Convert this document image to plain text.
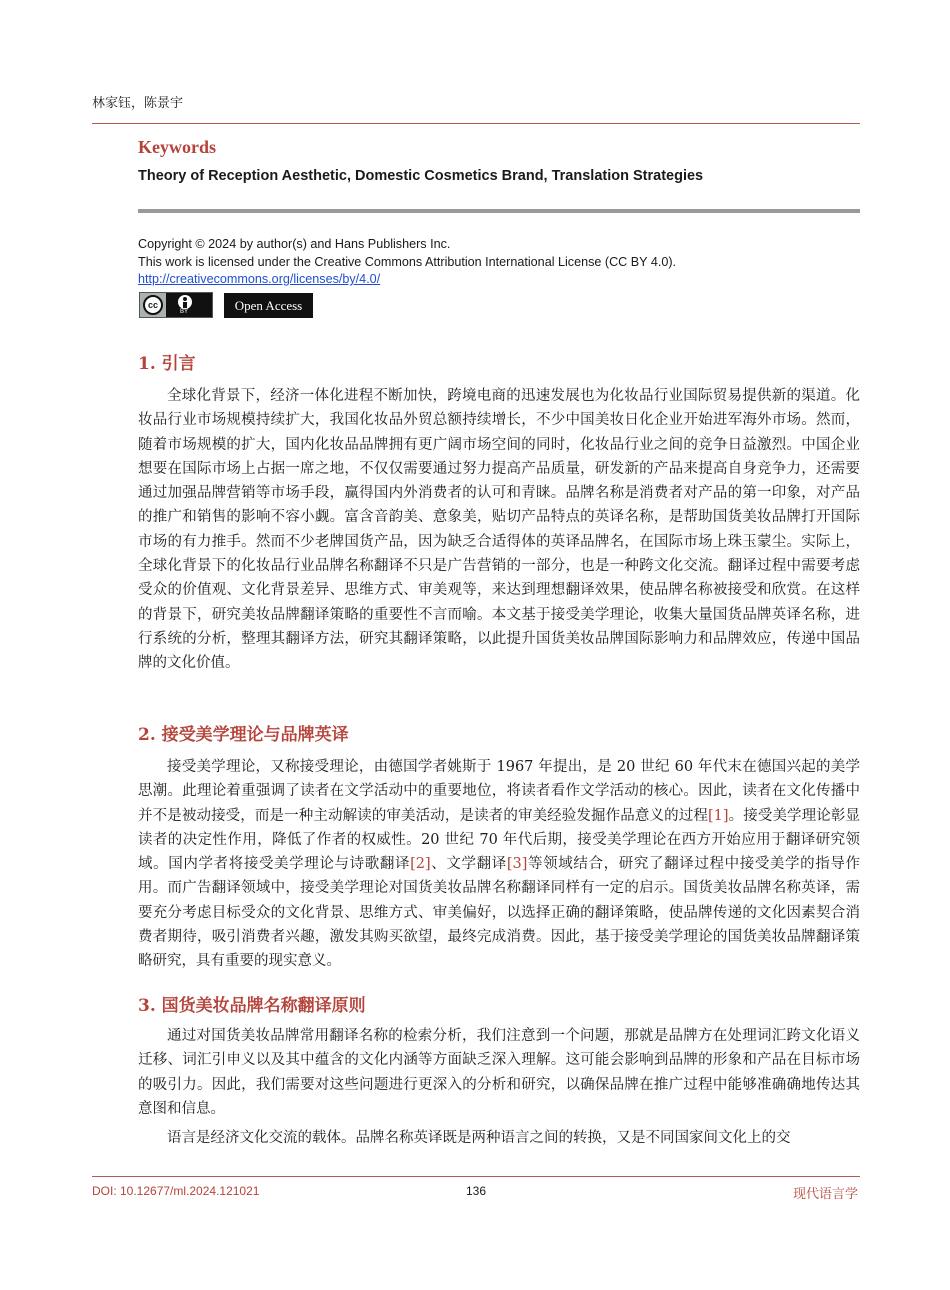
林家钰，陈景宇
Keywords
Theory of Reception Aesthetic, Domestic Cosmetics Brand, Translation Strategies
Copyright © 2024 by author(s) and Hans Publishers Inc.
This work is licensed under the Creative Commons Attribution International License (CC BY 4.0).
http://creativecommons.org/licenses/by/4.0/
cc
BY	Open Access
1. 引言
全球化背景下，经济一体化进程不断加快，跨境电商的迅速发展也为化妆品行业国际贸易提供新的渠道。化妆品行业市场规模持续扩大，我国化妆品外贸总额持续增长，不少中国美妆日化企业开始进军海外市场。然而，随着市场规模的扩大，国内化妆品品牌拥有更广阔市场空间的同时，化妆品行业之间的竞争日益激烈。中国企业想要在国际市场上占据一席之地，不仅仅需要通过努力提高产品质量，研发新的产品来提高自身竞争力，还需要通过加强品牌营销等市场手段，赢得国内外消费者的认可和青睐。品牌名称是消费者对产品的第一印象，对产品的推广和销售的影响不容小觑。富含音韵美、意象美，贴切产品特点的英译名称，是帮助国货美妆品牌打开国际市场的有力推手。然而不少老牌国货产品，因为缺乏合适得体的英译品牌名，在国际市场上珠玉蒙尘。实际上，全球化背景下的化妆品行业品牌名称翻译不只是广告营销的一部分，也是一种跨文化交流。翻译过程中需要考虑受众的价值观、文化背景差异、思维方式、审美观等，来达到理想翻译效果，使品牌名称被接受和欣赏。在这样的背景下，研究美妆品牌翻译策略的重要性不言而喻。本文基于接受美学理论，收集大量国货品牌英译名称，进行系统的分析，整理其翻译方法，研究其翻译策略，以此提升国货美妆品牌国际影响力和品牌效应，传递中国品牌的文化价值。
2. 接受美学理论与品牌英译
接受美学理论，又称接受理论，由德国学者姚斯于 1967 年提出，是 20 世纪 60 年代末在德国兴起的美学思潮。此理论着重强调了读者在文学活动中的重要地位，将读者看作文学活动的核心。因此，读者在文化传播中并不是被动接受，而是一种主动解读的审美活动，是读者的审美经验发掘作品意义的过程[1]。接受美学理论彰显读者的决定性作用，降低了作者的权威性。20 世纪 70 年代后期，接受美学理论在西方开始应用于翻译研究领域。国内学者将接受美学理论与诗歌翻译[2]、文学翻译[3]等领域结合，研究了翻译过程中接受美学的指导作用。而广告翻译领域中，接受美学理论对国货美妆品牌名称翻译同样有一定的启示。国货美妆品牌名称英译，需要充分考虑目标受众的文化背景、思维方式、审美偏好，以选择正确的翻译策略，使品牌传递的文化因素契合消费者期待，吸引消费者兴趣，激发其购买欲望，最终完成消费。因此，基于接受美学理论的国货美妆品牌翻译策略研究，具有重要的现实意义。
3. 国货美妆品牌名称翻译原则
通过对国货美妆品牌常用翻译名称的检索分析，我们注意到一个问题，那就是品牌方在处理词汇跨文化语义迁移、词汇引申义以及其中蕴含的文化内涵等方面缺乏深入理解。这可能会影响到品牌的形象和产品在目标市场的吸引力。因此，我们需要对这些问题进行更深入的分析和研究，以确保品牌在推广过程中能够准确确地传达其意图和信息。
语言是经济文化交流的载体。品牌名称英译既是两种语言之间的转换，又是不同国家间文化上的交
DOI: 10.12677/ml.2024.121021	136	现代语言学
